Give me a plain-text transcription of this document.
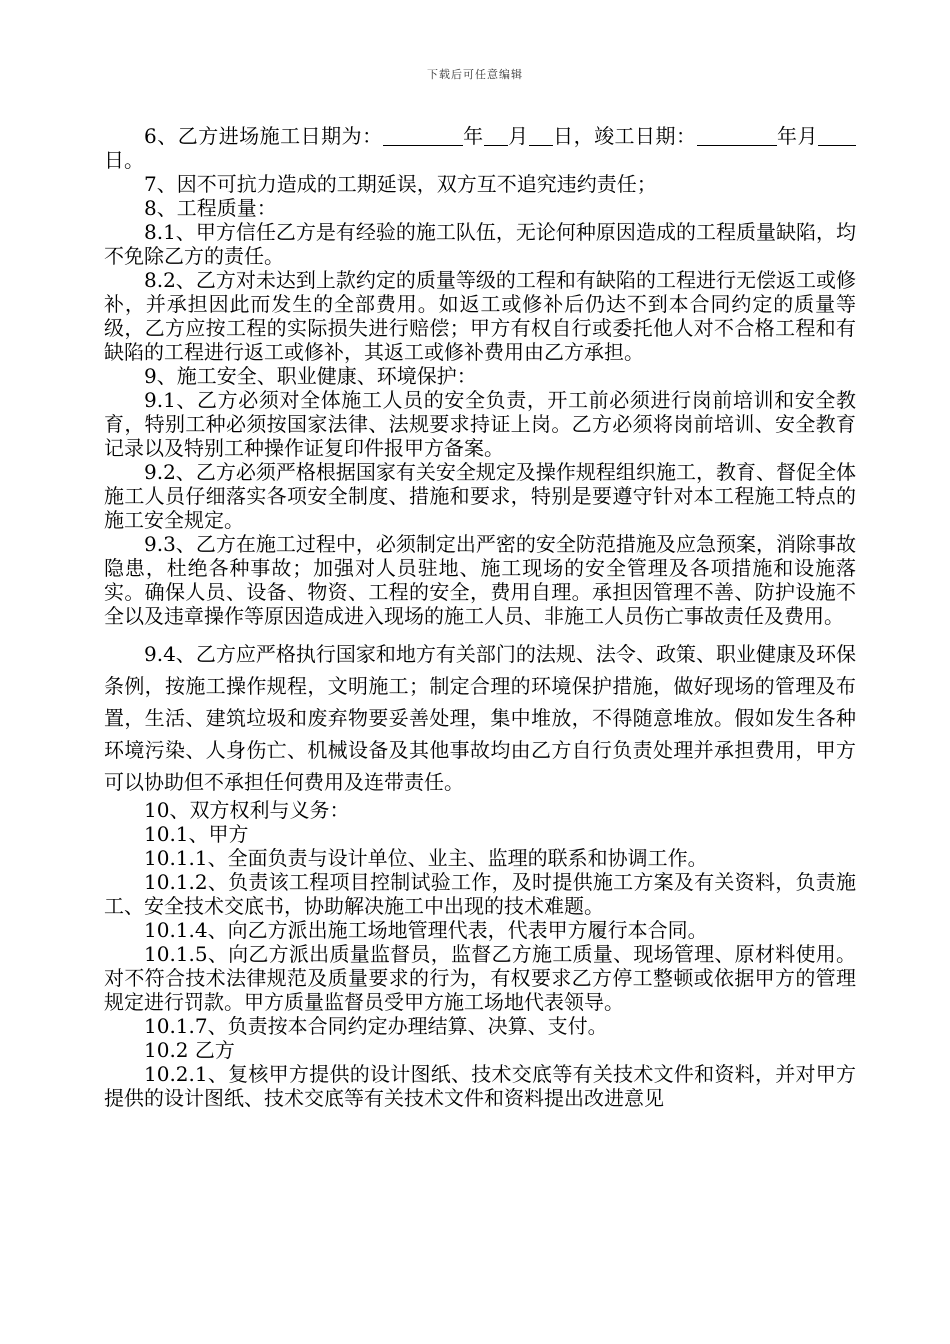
下载后可任意编辑

6、乙方进场施工日期为：	年 月 日，竣工日期：	年月日。

7、因不可抗力造成的工期延误，双方互不追究违约责任；

8、工程质量：

8.1、甲方信任乙方是有经验的施工队伍，无论何种原因造成的工程质量缺陷，均不免除乙方的责任。

8.2、乙方对未达到上款约定的质量等级的工程和有缺陷的工程进行无偿返工或修补，并承担因此而发生的全部费用。如返工或修补后仍达不到本合同约定的质量等级，乙方应按工程的实际损失进行赔偿；甲方有权自行或委托他人对不合格工程和有缺陷的工程进行返工或修补，其返工或修补费用由乙方承担。

9、施工安全、职业健康、环境保护：

9.1、乙方必须对全体施工人员的安全负责，开工前必须进行岗前培训和安全教育，特别工种必须按国家法律、法规要求持证上岗。乙方必须将岗前培训、安全教育记录以及特别工种操作证复印件报甲方备案。

9.2、乙方必须严格根据国家有关安全规定及操作规程组织施工，教育、督促全体施工人员仔细落实各项安全制度、措施和要求，特别是要遵守针对本工程施工特点的施工安全规定。

9.3、乙方在施工过程中，必须制定出严密的安全防范措施及应急预案，消除事故隐患，杜绝各种事故；加强对人员驻地、施工现场的安全管理及各项措施和设施落实。确保人员、设备、物资、工程的安全，费用自理。承担因管理不善、防护设施不全以及违章操作等原因造成进入现场的施工人员、非施工人员伤亡事故责任及费用。

9.4、乙方应严格执行国家和地方有关部门的法规、法令、政策、职业健康及环保条例，按施工操作规程，文明施工；制定合理的环境保护措施，做好现场的管理及布置，生活、建筑垃圾和废弃物要妥善处理，集中堆放，不得随意堆放。假如发生各种环境污染、人身伤亡、机械设备及其他事故均由乙方自行负责处理并承担费用，甲方可以协助但不承担任何费用及连带责任。

10、双方权利与义务：

10.1、甲方

10.1.1、全面负责与设计单位、业主、监理的联系和协调工作。

10.1.2、负责该工程项目控制试验工作，及时提供施工方案及有关资料，负责施工、安全技术交底书，协助解决施工中出现的技术难题。

10.1.4、向乙方派出施工场地管理代表，代表甲方履行本合同。

10.1.5、向乙方派出质量监督员，监督乙方施工质量、现场管理、原材料使用。对不符合技术法律规范及质量要求的行为，有权要求乙方停工整顿或依据甲方的管理规定进行罚款。甲方质量监督员受甲方施工场地代表领导。

10.1.7、负责按本合同约定办理结算、决算、支付。

10.2 乙方

10.2.1、复核甲方提供的设计图纸、技术交底等有关技术文件和资料，并对甲方提供的设计图纸、技术交底等有关技术文件和资料提出改进意见
